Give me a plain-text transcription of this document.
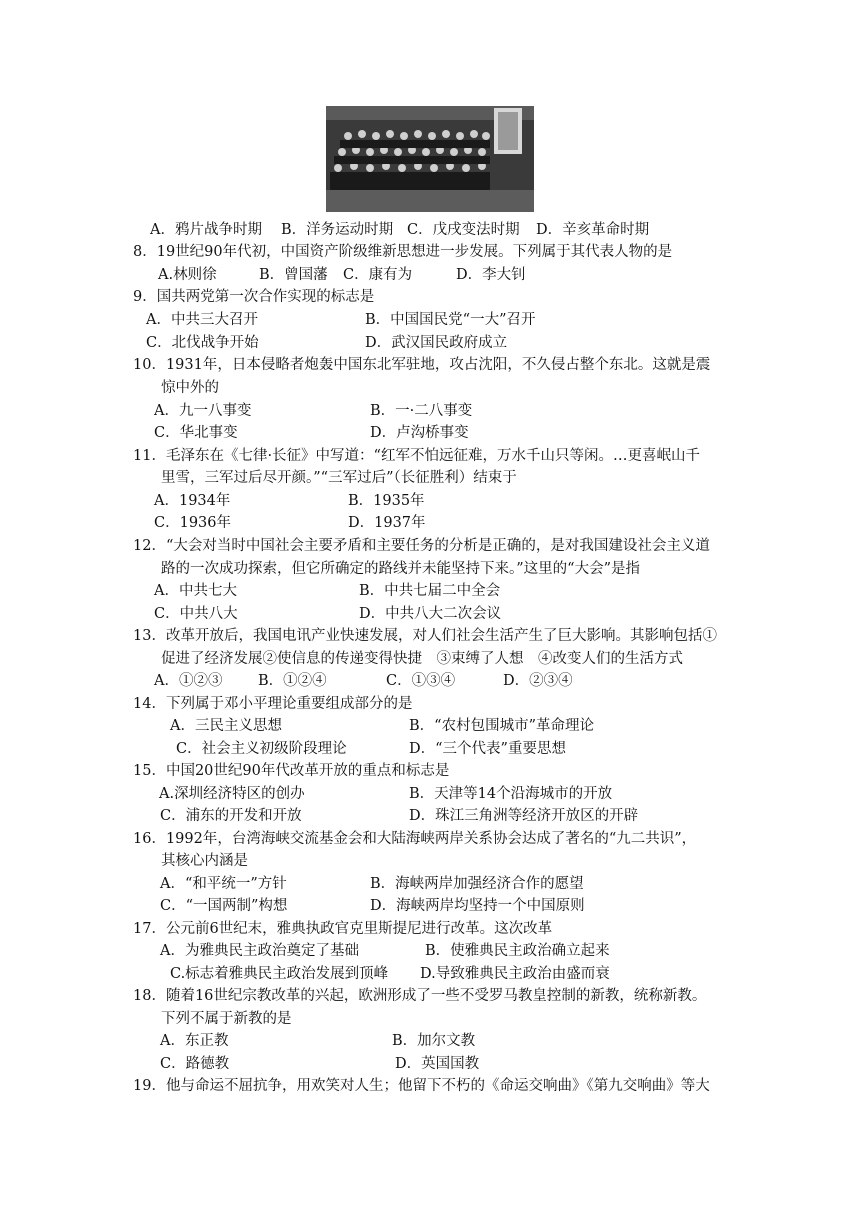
A．鸦片战争时期 B．洋务运动时期 C．戊戌变法时期 D．辛亥革命时期
8．19世纪90年代初，中国资产阶级维新思想进一步发展。下列属于其代表人物的是
A.林则徐	B．曾国藩 C．康有为	D．李大钊
9．国共两党第一次合作实现的标志是
A．中共三大召开	B．中国国民党“一大”召开
C．北伐战争开始	D．武汉国民政府成立
10．1931年，日本侵略者炮轰中国东北军驻地，攻占沈阳，不久侵占整个东北。这就是震
惊中外的
A．九一八事变	B．一·二八事变
C．华北事变	D．卢沟桥事变
11．毛泽东在《七律·长征》中写道：“红军不怕远征难，万水千山只等闲。…更喜岷山千
里雪，三军过后尽开颜。”“三军过后”（长征胜利）结束于
A．1934年	B．1935年
C．1936年	D．1937年
12．“大会对当时中国社会主要矛盾和主要任务的分析是正确的，是对我国建设社会主义道
路的一次成功探索，但它所确定的路线并未能坚持下来。”这里的“大会”是指
A．中共七大	B．中共七届二中全会
C．中共八大	D．中共八大二次会议
13．改革开放后，我国电讯产业快速发展，对人们社会生活产生了巨大影响。其影响包括①
促进了经济发展②使信息的传递变得快捷　③束缚了人想　④改变人们的生活方式
A．①②③ B．①②④	C．①③④	D．②③④
14．下列属于邓小平理论重要组成部分的是
A．三民主义思想	B．“农村包围城市”革命理论
C．社会主义初级阶段理论	D．“三个代表”重要思想
15．中国20世纪90年代改革开放的重点和标志是
A.深圳经济特区的创办	B．天津等14个沿海城市的开放
C．浦东的开发和开放	D．珠江三角洲等经济开放区的开辟
16．1992年，台湾海峡交流基金会和大陆海峡两岸关系协会达成了著名的“九二共识”，
其核心内涵是
A．“和平统一”方针	B．海峡两岸加强经济合作的愿望
C．“一国两制”构想	D．海峡两岸均坚持一个中国原则
17．公元前6世纪末，雅典执政官克里斯提尼进行改革。这次改革
A．为雅典民主政治奠定了基础	B．使雅典民主政治确立起来
C.标志着雅典民主政治发展到顶峰 D.导致雅典民主政治由盛而衰
18．随着16世纪宗教改革的兴起，欧洲形成了一些不受罗马教皇控制的新教，统称新教。
下列不属于新教的是
A．东正教	B．加尔文教
C．路德教	D．英国国教
19．他与命运不屈抗争，用欢笑对人生；他留下不朽的《命运交响曲》《第九交响曲》等大
